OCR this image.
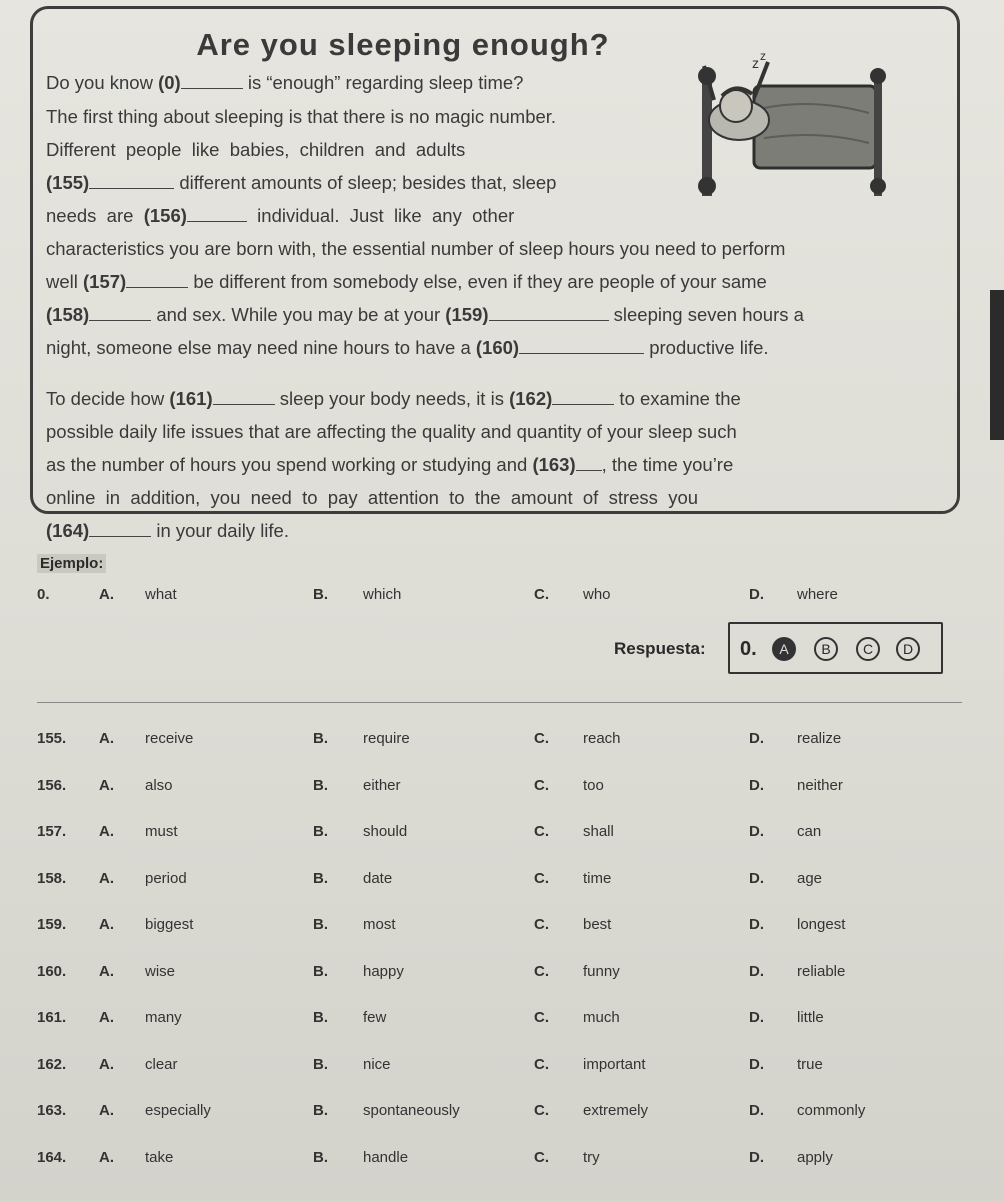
Are you sleeping enough?
z z
Ejemplo:
0.	A. what	B. which	C. who	D. where
Respuesta: 0.	A	B	C	D
155. A. receive	B. require	C. reach	D. realize
156. A. also	B. either	C. too	D. neither
157. A. must	B. should	C. shall	D. can
158. A. period	B. date	C. time	D. age
159. A. biggest	B. most	C. best	D. longest
160. A. wise	B. happy	C. funny	D. reliable
161. A. many	B. few	C. much	D. little
162. A. clear	B. nice	C. important	D. true
163. A. especially	B. spontaneously	C. extremely	D. commonly
164. A. take	B. handle	C. try	D. apply
Do you know (0)	is “enough” regarding sleep time?
The first thing about sleeping is that there is no magic number.
Different  people  like  babies,  children  and  adults
(155)	different amounts of sleep; besides that, sleep
needs  are  (156)	individual.  Just  like  any  other
characteristics you are born with, the essential number of sleep hours you need to perform
well (157)	be different from somebody else, even if they are people of your same
(158)	and sex. While you may be at your (159)	sleeping seven hours a
night, someone else may need nine hours to have a (160)	productive life.
To decide how (161)	sleep your body needs, it is (162)	to examine the
possible daily life issues that are affecting the quality and quantity of your sleep such
as the number of hours you spend working or studying and (163) , the time you’re
online  in  addition,  you  need  to  pay  attention  to  the  amount  of  stress  you
(164)	in your daily life.
